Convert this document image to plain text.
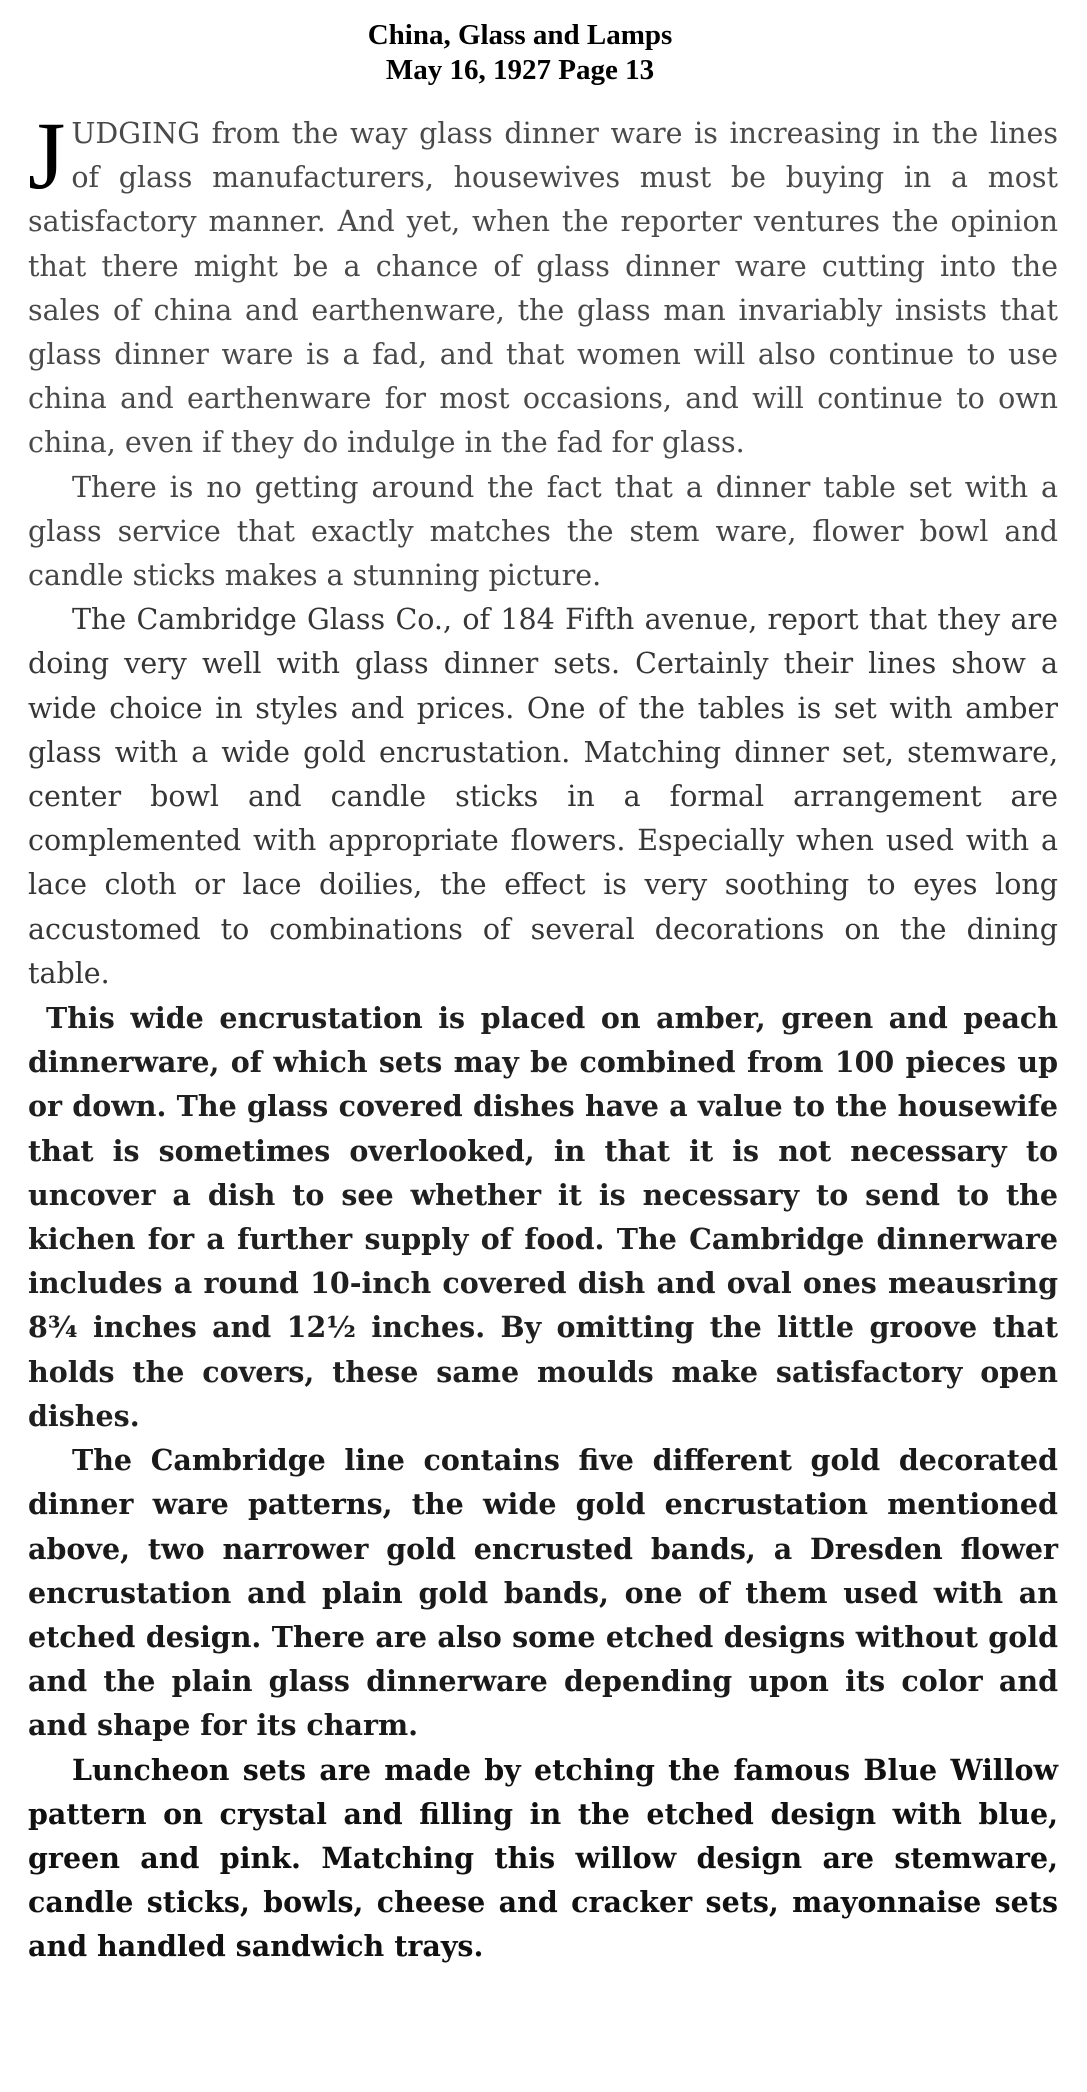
China, Glass and Lamps
May 16, 1927 Page 13

JUDGING from the way glass dinner ware is increasing in the lines of glass manufacturers, housewives must be buying in a most satisfactory manner. And yet, when the reporter ventures the opinion that there might be a chance of glass dinner ware cutting into the sales of china and earthenware, the glass man invariably insists that glass dinner ware is a fad, and that women will also continue to use china and earthenware for most occasions, and will continue to own china, even if they do indulge in the fad for glass.

There is no getting around the fact that a dinner table set with a glass service that exactly matches the stem ware, flower bowl and candle sticks makes a stunning picture.

The Cambridge Glass Co., of 184 Fifth avenue, report that they are doing very well with glass dinner sets. Certainly their lines show a wide choice in styles and prices. One of the tables is set with amber glass with a wide gold encrustation. Matching dinner set, stemware, center bowl and candle sticks in a formal arrangement are complemented with appropriate flowers. Especially when used with a lace cloth or lace doilies, the effect is very soothing to eyes long accustomed to combinations of several decorations on the dining table.

This wide encrustation is placed on amber, green and peach dinnerware, of which sets may be combined from 100 pieces up or down. The glass covered dishes have a value to the housewife that is sometimes overlooked, in that it is not necessary to uncover a dish to see whether it is necessary to send to the kichen for a further supply of food. The Cambridge dinnerware includes a round 10-inch covered dish and oval ones meausring 8¾ inches and 12½ inches. By omitting the little groove that holds the covers, these same moulds make satisfactory open dishes.

The Cambridge line contains five different gold decorated dinner ware patterns, the wide gold encrustation mentioned above, two narrower gold encrusted bands, a Dresden flower encrustation and plain gold bands, one of them used with an etched design. There are also some etched designs without gold and the plain glass dinnerware depending upon its color and and shape for its charm.

Luncheon sets are made by etching the famous Blue Willow pattern on crystal and filling in the etched design with blue, green and pink. Matching this willow design are stemware, candle sticks, bowls, cheese and cracker sets, mayonnaise sets and handled sandwich trays.
